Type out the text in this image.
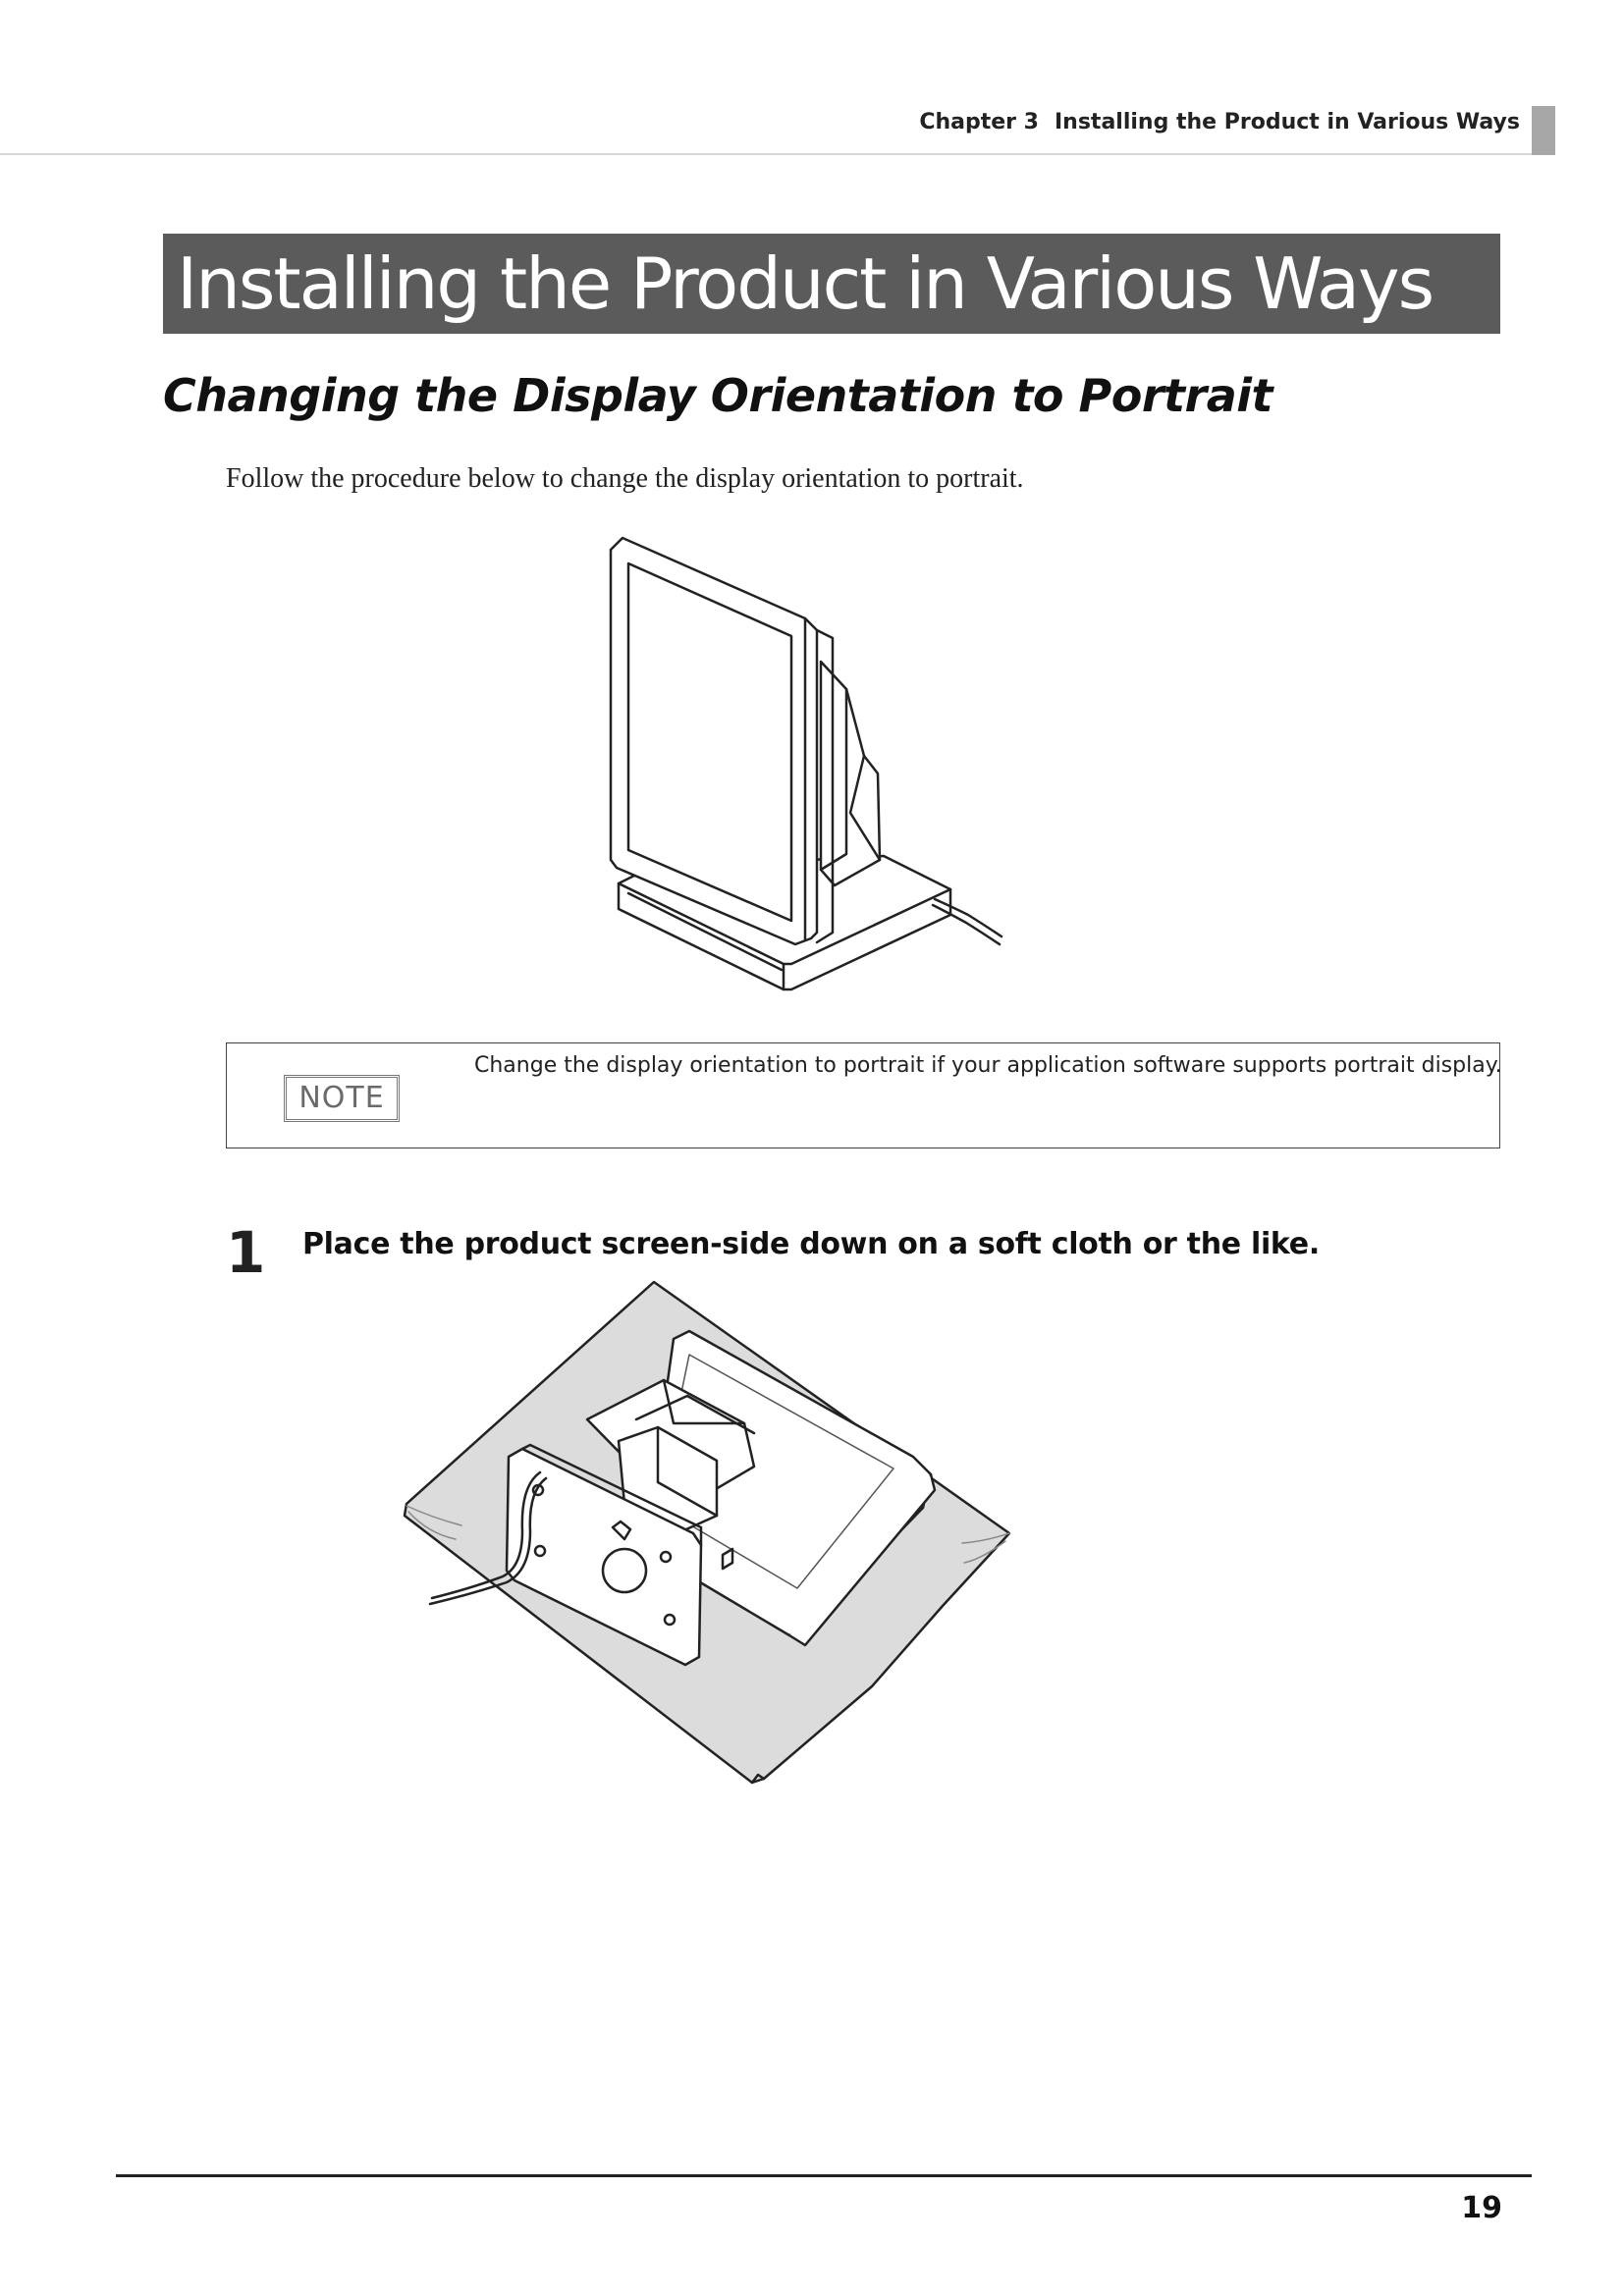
Chapter 3 Installing the Product in Various Ways
Installing the Product in Various Ways
Changing the Display Orientation to Portrait
Follow the procedure below to change the display orientation to portrait.
NOTE
Change the display orientation to portrait if your application software supports portrait display.
1 Place the product screen-side down on a soft cloth or the like.
19
